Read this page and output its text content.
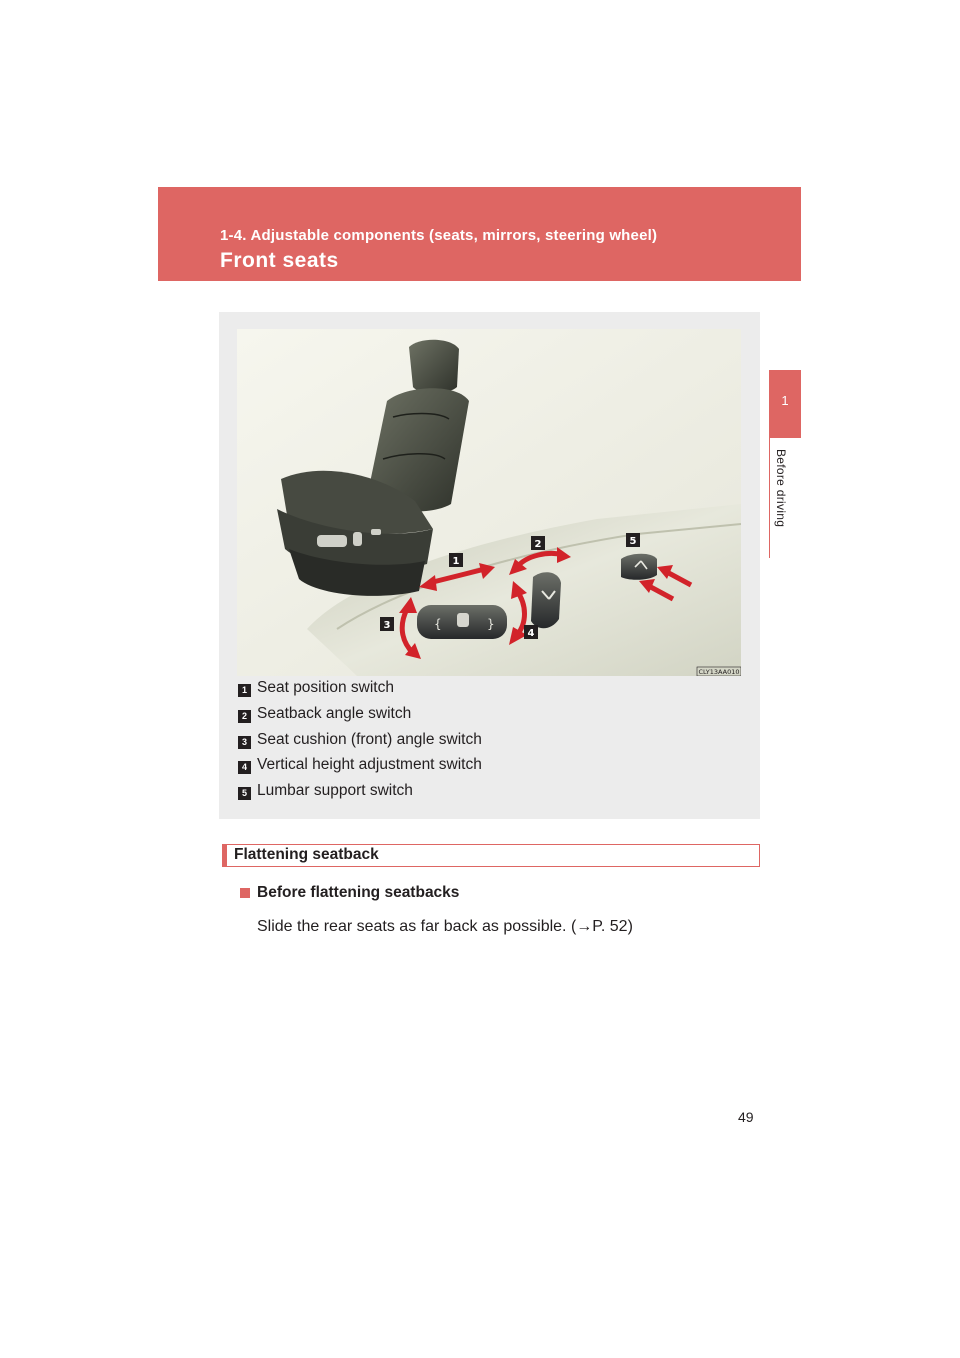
1-4. Adjustable components (seats, mirrors, steering wheel)
Front seats
1
Before driving
{	}
1
2
3
4
5
CLY13AA010
1 Seat position switch
2 Seatback angle switch
3 Seat cushion (front) angle switch
4 Vertical height adjustment switch
5 Lumbar support switch
Flattening seatback
Before flattening seatbacks
Slide the rear seats as far back as possible. (→P. 52)
49
